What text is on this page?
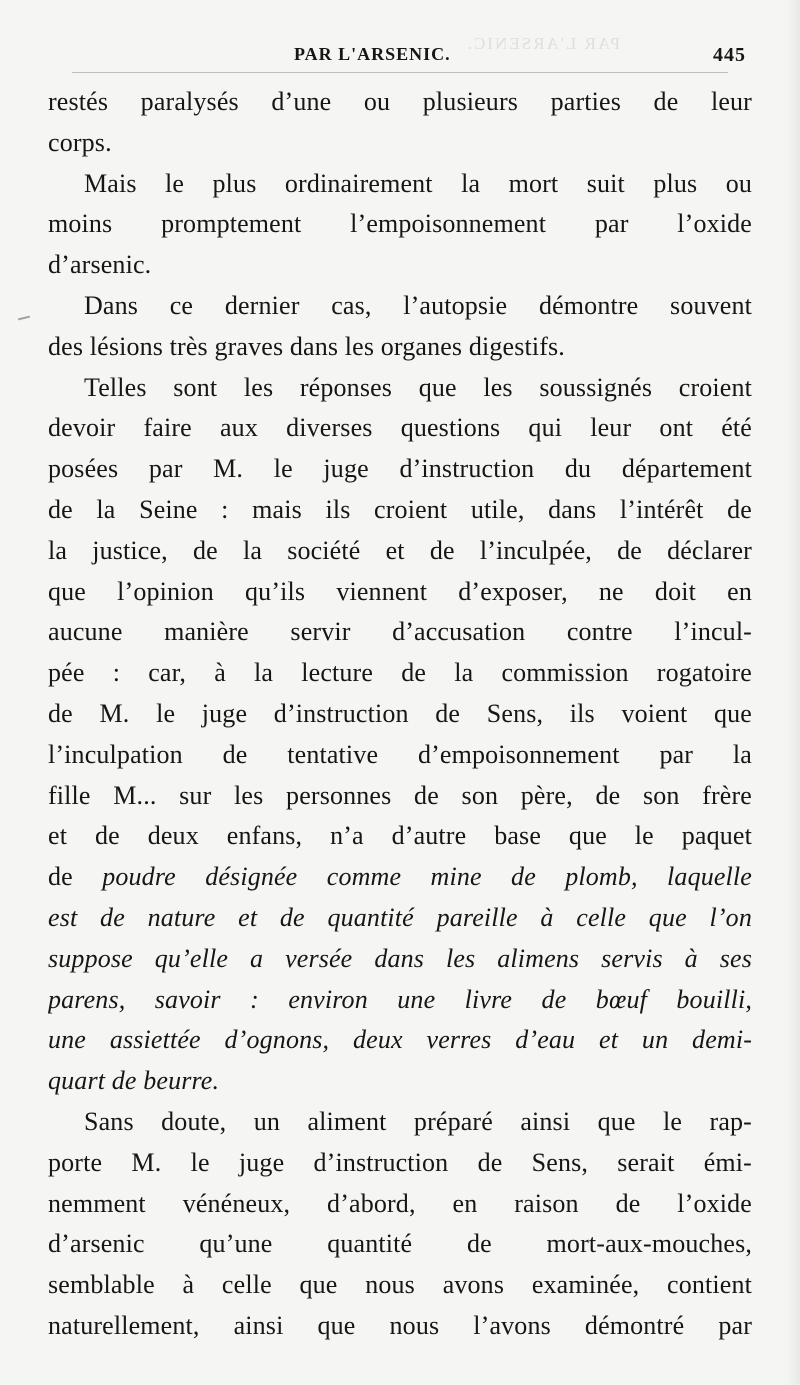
PAR L'ARSENIC.
PAR L'ARSENIC.	445
restés paralysés d’une ou plusieurs parties de leur
corps.
Mais le plus ordinairement la mort suit plus ou
moins promptement l’empoisonnement par l’oxide
d’arsenic.
Dans ce dernier cas, l’autopsie démontre souvent
des lésions très graves dans les organes digestifs.
Telles sont les réponses que les soussignés croient
devoir faire aux diverses questions qui leur ont été
posées par M. le juge d’instruction du département
de la Seine : mais ils croient utile, dans l’intérêt de
la justice, de la société et de l’inculpée, de déclarer
que l’opinion qu’ils viennent d’exposer, ne doit en
aucune manière servir d’accusation contre l’incul-
pée : car, à la lecture de la commission rogatoire
de M. le juge d’instruction de Sens, ils voient que
l’inculpation de tentative d’empoisonnement par la
fille M... sur les personnes de son père, de son frère
et de deux enfans, n’a d’autre base que le paquet
de poudre désignée comme mine de plomb, laquelle
est de nature et de quantité pareille à celle que l’on
suppose qu’elle a versée dans les alimens servis à ses
parens, savoir : environ une livre de bœuf bouilli,
une assiettée d’ognons, deux verres d’eau et un demi-
quart de beurre.
Sans doute, un aliment préparé ainsi que le rap-
porte M. le juge d’instruction de Sens, serait émi-
nemment vénéneux, d’abord, en raison de l’oxide
d’arsenic qu’une quantité de mort-aux-mouches,
semblable à celle que nous avons examinée, contient
naturellement, ainsi que nous l’avons démontré par
